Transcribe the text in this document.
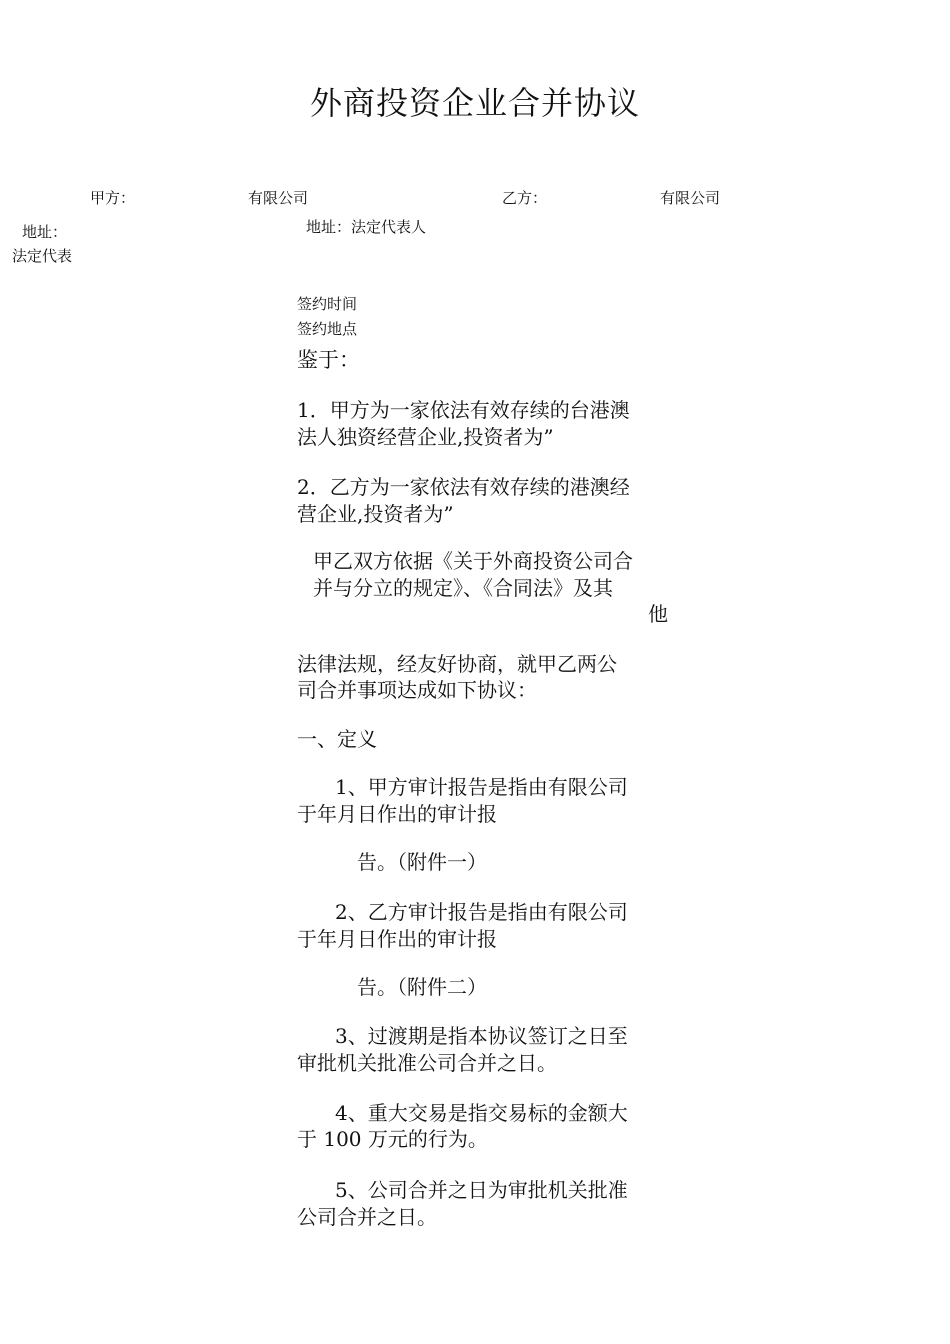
外商投资企业合并协议
甲方：	有限公司	乙方：	有限公司
地址：	地址：法定代表人
法定代表
签约时间
签约地点
鉴于：
1．甲方为一家依法有效存续的台港澳
法人独资经营企业,投资者为”
2．乙方为一家依法有效存续的港澳经
营企业,投资者为”
甲乙双方依据《关于外商投资公司合
并与分立的规定》、《合同法》及其
他
法律法规，经友好协商，就甲乙两公
司合并事项达成如下协议：
一、定义
1、甲方审计报告是指由有限公司
于年月日作出的审计报
告。（附件一）
2、乙方审计报告是指由有限公司
于年月日作出的审计报
告。（附件二）
3、过渡期是指本协议签订之日至
审批机关批准公司合并之日。
4、重大交易是指交易标的金额大
于 100 万元的行为。
5、公司合并之日为审批机关批准
公司合并之日。
